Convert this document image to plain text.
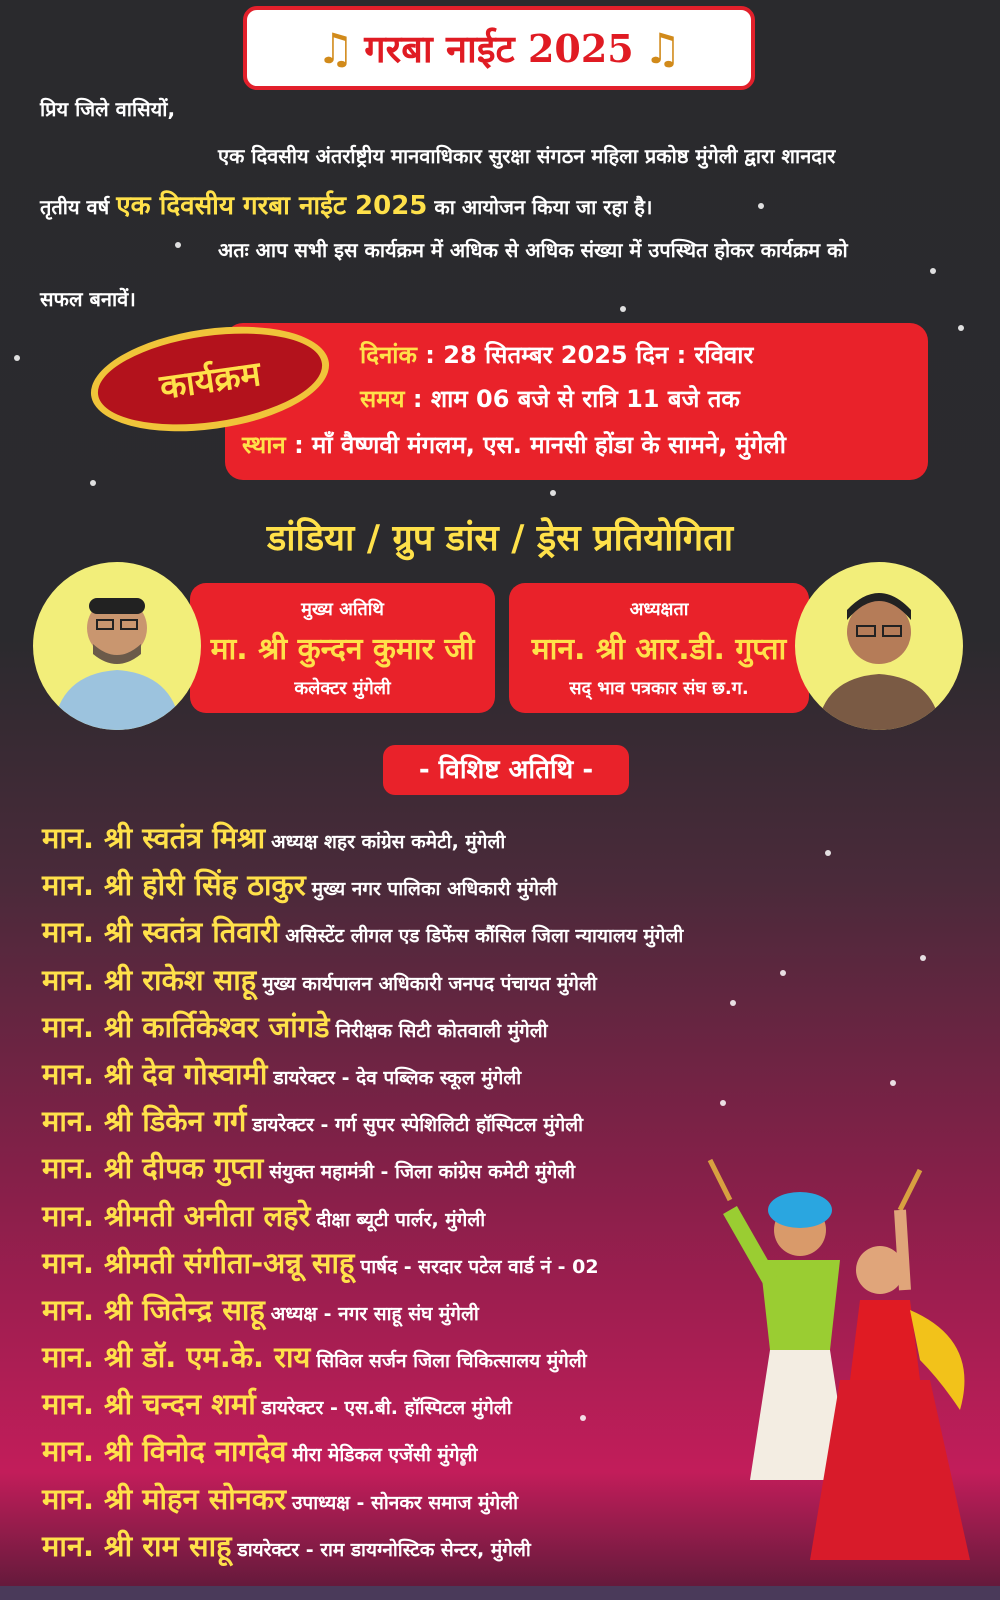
♫ गरबा नाईट 2025 ♫
प्रिय जिले वासियों,
एक दिवसीय अंतर्राष्ट्रीय मानवाधिकार सुरक्षा संगठन महिला प्रकोष्ठ मुंगेली द्वारा शानदार
तृतीय वर्ष एक दिवसीय गरबा नाईट 2025 का आयोजन किया जा रहा है।
अतः आप सभी इस कार्यक्रम में अधिक से अधिक संख्या में उपस्थित होकर कार्यक्रम को
सफल बनावें।
कार्यक्रम	दिनांक : 28 सितम्बर 2025 दिन : रविवार
समय : शाम 06 बजे से रात्रि 11 बजे तक
स्थान : माँ वैष्णवी मंगलम, एस. मानसी होंडा के सामने, मुंगेली
डांडिया / ग्रुप डांस / ड्रेस प्रतियोगिता
मुख्य अतिथि
मा. श्री कुन्दन कुमार जी
कलेक्टर मुंगेली
अध्यक्षता
मान. श्री आर.डी. गुप्ता
सद् भाव पत्रकार संघ छ.ग.
- विशिष्ट अतिथि -
मान. श्री स्वतंत्र मिश्रा अध्यक्ष शहर कांग्रेस कमेटी, मुंगेली
मान. श्री होरी सिंह ठाकुर मुख्य नगर पालिका अधिकारी मुंगेली
मान. श्री स्वतंत्र तिवारी असिस्टेंट लीगल एड डिफेंस कौंसिल जिला न्यायालय मुंगेली
मान. श्री राकेश साहू मुख्य कार्यपालन अधिकारी जनपद पंचायत मुंगेली
मान. श्री कार्तिकेश्वर जांगडे निरीक्षक सिटी कोतवाली मुंगेली
मान. श्री देव गोस्वामी डायरेक्टर - देव पब्लिक स्कूल मुंगेली
मान. श्री डिकेन गर्ग डायरेक्टर - गर्ग सुपर स्पेशिलिटी हॉस्पिटल मुंगेली
मान. श्री दीपक गुप्ता संयुक्त महामंत्री - जिला कांग्रेस कमेटी मुंगेली
मान. श्रीमती अनीता लहरे दीक्षा ब्यूटी पार्लर, मुंगेली
मान. श्रीमती संगीता-अन्नू साहू पार्षद - सरदार पटेल वार्ड नं - 02
मान. श्री जितेन्द्र साहू अध्यक्ष - नगर साहू संघ मुंगेली
मान. श्री डॉ. एम.के. राय सिविल सर्जन जिला चिकित्सालय मुंगेली
मान. श्री चन्दन शर्मा डायरेक्टर - एस.बी. हॉस्पिटल मुंगेली
मान. श्री विनोद नागदेव मीरा मेडिकल एजेंसी मुंगेली
मान. श्री मोहन सोनकर उपाध्यक्ष - सोनकर समाज मुंगेली
मान. श्री राम साहू डायरेक्टर - राम डायग्नोस्टिक सेन्टर, मुंगेली
